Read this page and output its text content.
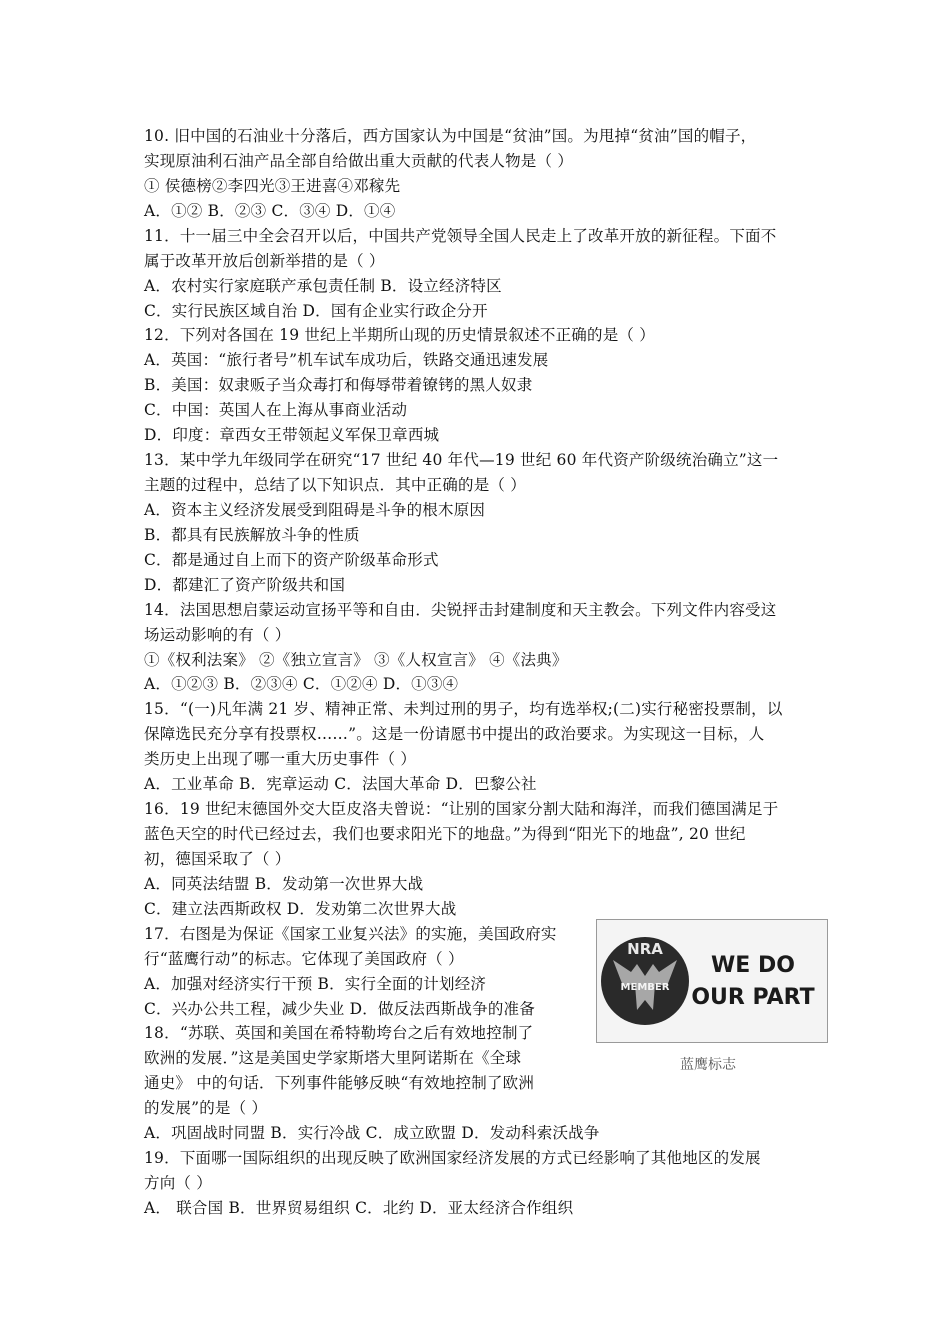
10. 旧中国的石油业十分落后，西方国家认为中国是“贫油”国。为甩掉“贫油”国的帽子，
实现原油利石油产品全部自给做出重大贡献的代表人物是（ ）
① 侯德榜②李四光③王进喜④邓稼先
A．①② B．②③ C．③④ D．①④
11．十一届三中全会召开以后，中国共产党领导全国人民走上了改革开放的新征程。下面不
属于改革开放后创新举措的是（ ）
A．农村实行家庭联产承包责任制 B．设立经济特区
C．实行民族区域自治 D．国有企业实行政企分开
12．下列对各国在 19 世纪上半期所山现的历史情景叙述不正确的是（ ）
A．英国：“旅行者号”机车试车成功后，铁路交通迅速发展
B．美国：奴隶贩子当众毒打和侮辱带着镣铐的黑人奴隶
C．中国：英国人在上海从事商业活动
D．印度：章西女王带领起义军保卫章西城
13．某中学九年级同学在研究“17 世纪 40 年代—19 世纪 60 年代资产阶级统治确立”这一
主题的过程中，总结了以下知识点．其中正确的是（ ）
A．资本主义经济发展受到阻碍是斗争的根木原因
B．都具有民族解放斗争的性质
C．都是通过自上而下的资产阶级革命形式
D．都建汇了资产阶级共和国
14．法国思想启蒙运动宣扬平等和自由．尖锐抨击封建制度和天主教会。下列文件内容受这
场运动影响的有（ ）
①《权利法案》 ②《独立宣言》 ③《人权宣言》 ④《法典》
A．①②③ B．②③④ C．①②④ D．①③④
15．“(一)凡年满 21 岁、精神正常、未判过刑的男子，均有选举权;(二)实行秘密投票制，以
保障选民充分享有投票权……”。这是一份请愿书中提出的政治要求。为实现这一目标，人
类历史上出现了哪一重大历史事件（ ）
A．工业革命 B．宪章运动 C．法国大革命 D．巴黎公社
16．19 世纪末德国外交大臣皮洛夫曾说：“让别的国家分割大陆和海洋，而我们德国满足于
蓝色天空的时代已经过去，我们也要求阳光下的地盘。”为得到“阳光下的地盘”, 20 世纪
初，德国采取了（ ）
A．同英法结盟 B．发动第一次世界大战
C．建立法西斯政权 D．发劝第二次世界大战
17．右图是为保证《国家工业复兴法》的实施，美国政府实
行“蓝鹰行动”的标志。它体现了美国政府（ ）
A．加强对经济实行干预 B．实行全面的计划经济
C．兴办公共工程，减少失业 D．做反法西斯战争的准备
18．“苏联、英国和美国在希特勒垮台之后有效地控制了
欧洲的发展．”这是美国史学家斯塔大里阿诺斯在《全球
通史》 中的句话．下列事件能够反映“有效地控制了欧洲
的发展”的是（ ）
A．巩固战时同盟 B．实行冷战 C．成立欧盟 D．发动科索沃战争
19．下面哪一国际组织的出现反映了欧洲国家经济发展的方式已经影响了其他地区的发展
方向（ ）
A． 联合国 B．世界贸易组织 C．北约 D．亚太经济合作组织
NRA
MEMBER
WE DO
OUR PART
蓝鹰标志
